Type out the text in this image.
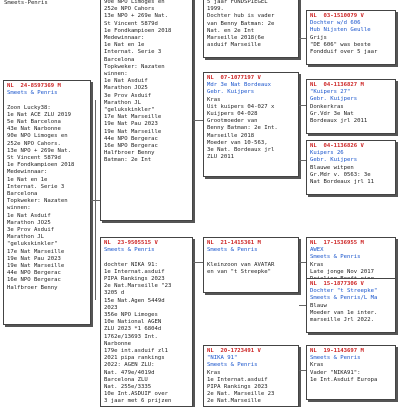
Smeets-Penris
NL  24-8597369 M
Smeets & Penris

Zoon Lucky38:
1e Nat ACE ZLU 2019
5e Nat Barcelona
43e Nat Narbonne
90e NPO Limoges en
252e NPO Cahors.
13e NPO + 269e Nat.
St Vincent 5879d
1e Fondkampioen 2018
Medewinnaar:
1e Nat en 1e
Internat. Serie 3
Barcelona
Topkweker: Nazaten
winnen:
1e Nat Asduif
Marathon JO25
3e Prov Asduif
Marathon JL
"gelukskinkler"
17e Nat Marseille
19e Nat Pau 2023
19e Nat Marseille
44e NPO Bergerac
16e NPO Bergerac
Halfbroer Benny
90e NPO Limoges en
252e NPO Cahors
13e NPO + 269e Nat.
St Vincent 5879d
1e Fondkampioen 2018
Medewinnaar:
1e Nat en 1e
Internat. Serie 3
Barcelona
Topkweker: Nazaten
winnen:
1e Nat Asduif
Marathon JO25
3e Prov Asduif
Marathon JL
"gelukskinkler"
17e Nat Marseille
19e Nat Pau 2023
19e Nat Marseille
44e NPO Bergerac
16e NPO Bergerac
Halfbroer Benny
Batman: 2e Int
NL  23-9505515 V
Smeets & Penris

dochter NIKA 91:
1e Internat.asduif
PIPA Rankings 2023
2e Nat.Marseille "23
3205 d
15e Nat.Agen 5449d
2023
356e NPO Limoges
10e National AGEN
ZLU 2023 *1 6804d
1762e/13693 Int.
Narbonne
179e int.asduif zl1
2021 pipa rankings
2022: AGEN ZLU:
Nat. 479e/4019d
Barcelona ZLU
Nat. 255e/3335
10e Int.ASDUIF over
3 jaar met 6 prijzen
5 jaar FONDSPIEGEL
1999.
Dochter hub is vader
van Benny Batman: 2e
Nat. en 2e Int
Marseille 2018(6e
asduif Marseille
NL  07-1077197 V
Mdr 3e Nat Bordeaux
Gebr. Kuijpers
Kras
Uit kuipers 04-027 x
Kuijpers 04-028
Grootmoeder van
Benny Batman: 2e Int.
Marseille 2018
Moeder van 10-563,
3e Nat. Bordeaux jrl
ZLU 2011
NL  21-1415361 M
Smeets & Penris

Kleinzoon van AVATAR
en van "t Streepke"
NL  20-1723491 V
"NIKA 91"
Smeets & Penris
Kras
1e Internat.asduif
PIPA Rankings 2023
2e Nat. Marseille 23
2e Nat.Marseille
NL  03-1510079 V
Dochter w/d 606
Hub Nijsten Geulle
Grijs
"DE 606" was beste
Fondduif over 5 jaar
NL  04-1136827 M
"Kuipers 27"
Gebr. Kuijpers
Donkerkras
Gr.Vdr 3e Nat
Bordeaux jrl 2011
NL  04-1136826 V
Kuipers 26
Gebr. Kuijpers
Blauwe witpen
Gr.Mdr v. 0563: 3e
Nat Bordeaux jrl 11
NL  17-1536955 M
AWEX
Smeets & Penris
Kras
Late jonge Nov 2017
NL  15-1877306 V
Dochter "t Streepke"
Smeets & Penris/L Ma
Blauw
Moeder van 1e inter.
marseille Jrl 2022.
NL  19-1143697 M
Smeets & Penris
Kras
Vader "NIKA91":
1e Int.Asduif Europa
